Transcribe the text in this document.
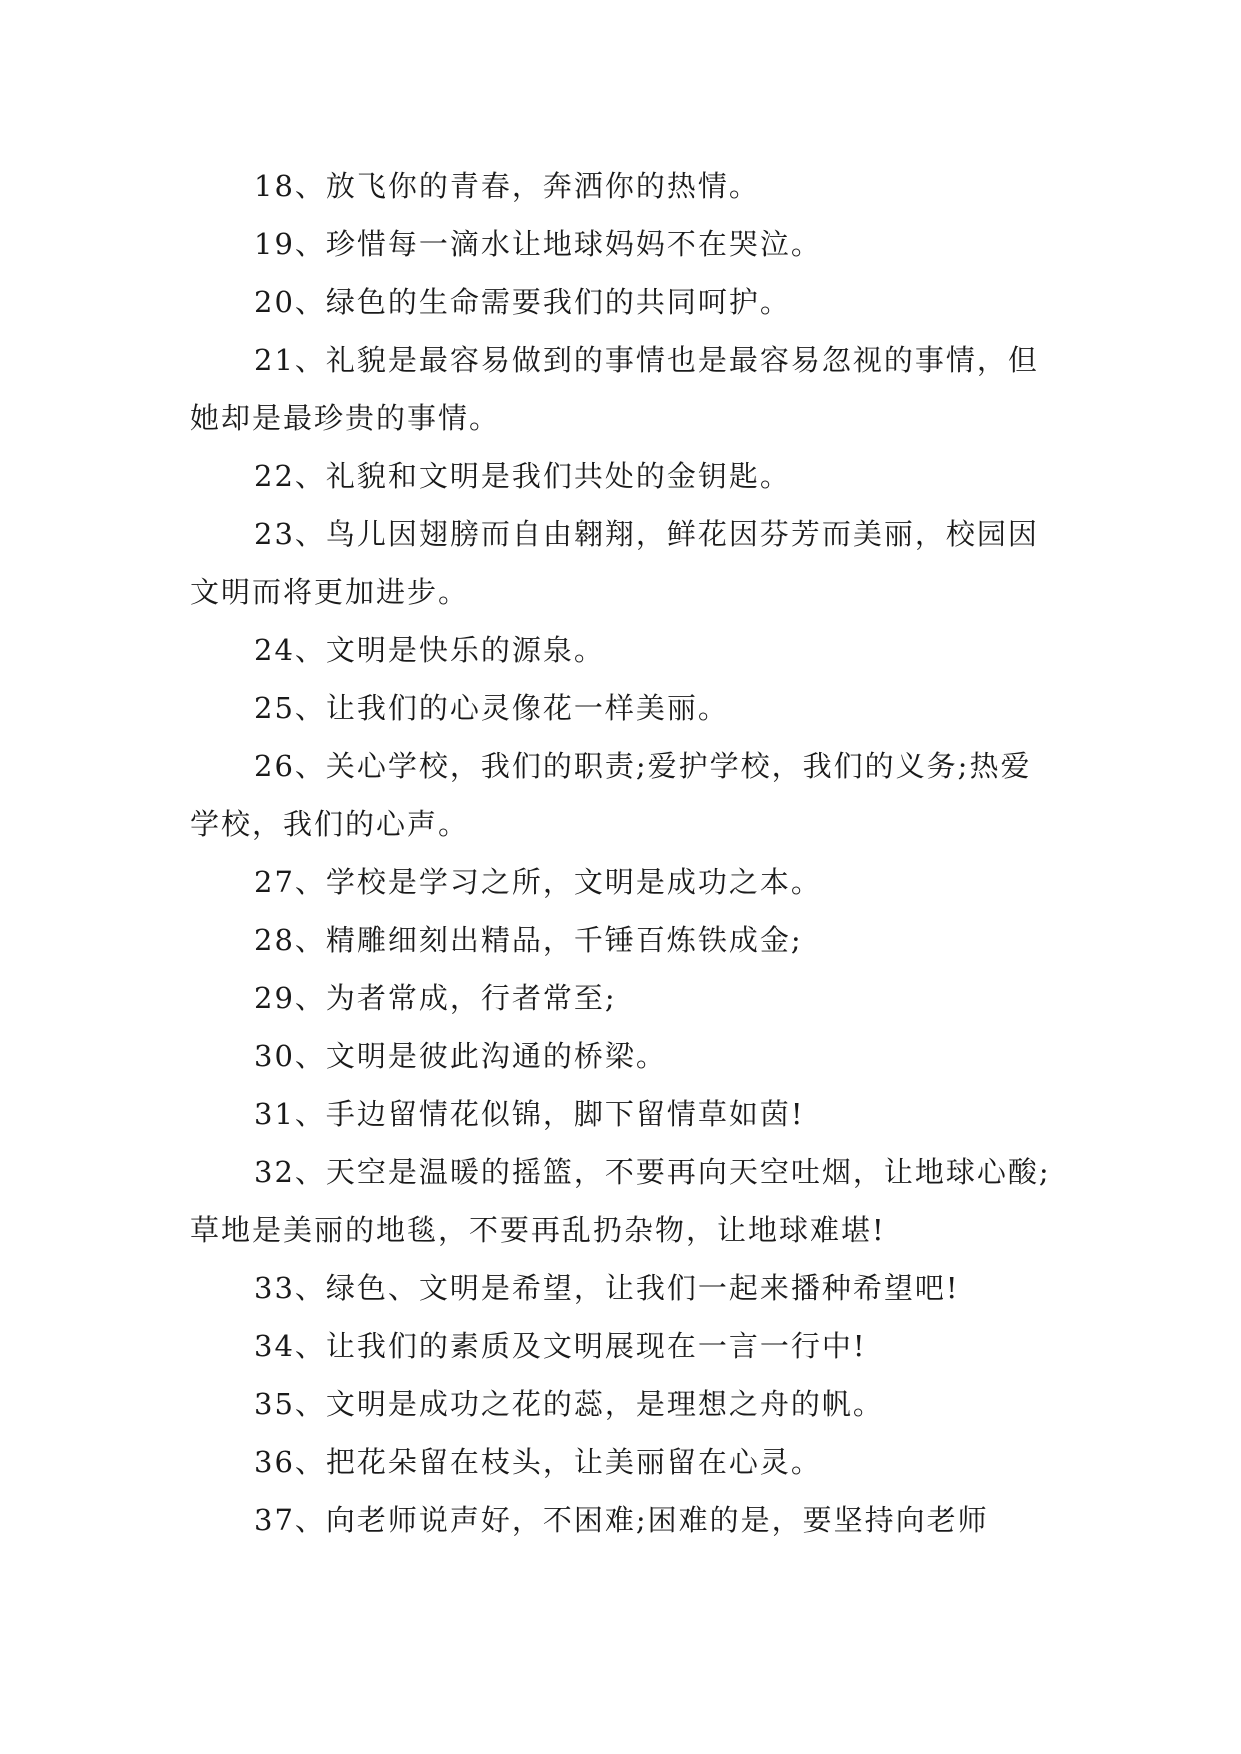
18、放飞你的青春，奔洒你的热情。

19、珍惜每一滴水让地球妈妈不在哭泣。

20、绿色的生命需要我们的共同呵护。

21、礼貌是最容易做到的事情也是最容易忽视的事情，但她却是最珍贵的事情。

22、礼貌和文明是我们共处的金钥匙。

23、鸟儿因翅膀而自由翱翔，鲜花因芬芳而美丽，校园因文明而将更加进步。

24、文明是快乐的源泉。

25、让我们的心灵像花一样美丽。

26、关心学校，我们的职责;爱护学校，我们的义务;热爱学校，我们的心声。

27、学校是学习之所，文明是成功之本。

28、精雕细刻出精品，千锤百炼铁成金;

29、为者常成，行者常至;

30、文明是彼此沟通的桥梁。

31、手边留情花似锦，脚下留情草如茵!

32、天空是温暖的摇篮，不要再向天空吐烟，让地球心酸;草地是美丽的地毯，不要再乱扔杂物，让地球难堪!

33、绿色、文明是希望，让我们一起来播种希望吧!

34、让我们的素质及文明展现在一言一行中!

35、文明是成功之花的蕊，是理想之舟的帆。

36、把花朵留在枝头，让美丽留在心灵。

37、向老师说声好，不困难;困难的是，要坚持向老师
